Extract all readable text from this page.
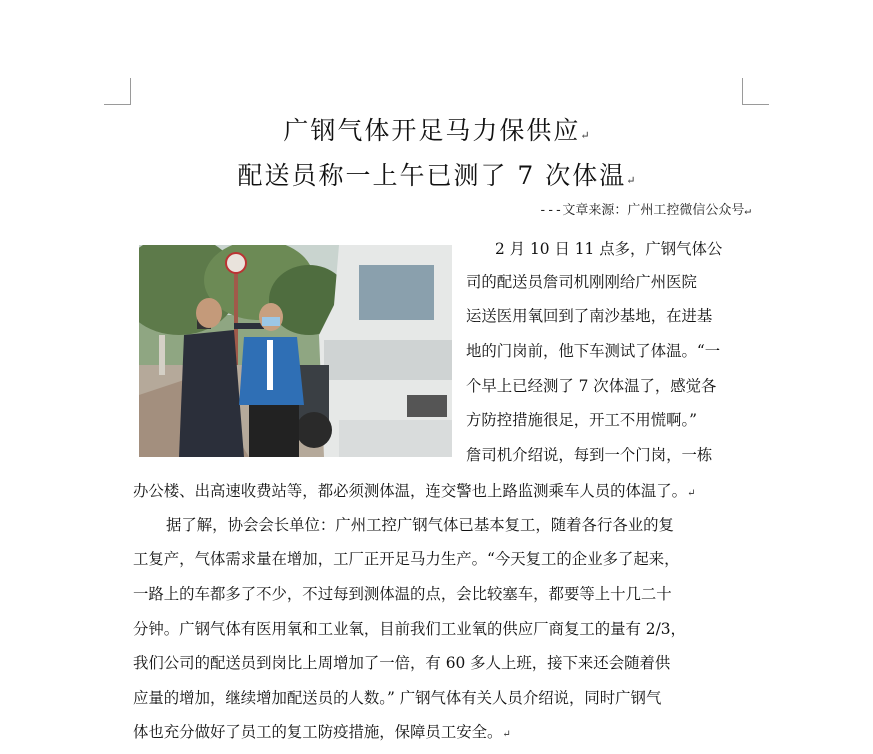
广钢气体开足马力保供应↵
配送员称一上午已测了 7 次体温↵
---文章来源：广州工控微信公众号↵
2 月 10 日 11 点多，广钢气体公
司的配送员詹司机刚刚给广州医院
运送医用氧回到了南沙基地，在进基
地的门岗前，他下车测试了体温。“一
个早上已经测了 7 次体温了，感觉各
方防控措施很足，开工不用慌啊。”
詹司机介绍说，每到一个门岗，一栋
办公楼、出高速收费站等，都必须测体温，连交警也上路监测乘车人员的体温了。↵
据了解，协会会长单位：广州工控广钢气体已基本复工，随着各行各业的复
工复产，气体需求量在增加，工厂正开足马力生产。“今天复工的企业多了起来，
一路上的车都多了不少，不过每到测体温的点，会比较塞车，都要等上十几二十
分钟。广钢气体有医用氧和工业氧，目前我们工业氧的供应厂商复工的量有 2/3，
我们公司的配送员到岗比上周增加了一倍，有 60 多人上班，接下来还会随着供
应量的增加，继续增加配送员的人数。” 广钢气体有关人员介绍说，同时广钢气
体也充分做好了员工的复工防疫措施，保障员工安全。↵
